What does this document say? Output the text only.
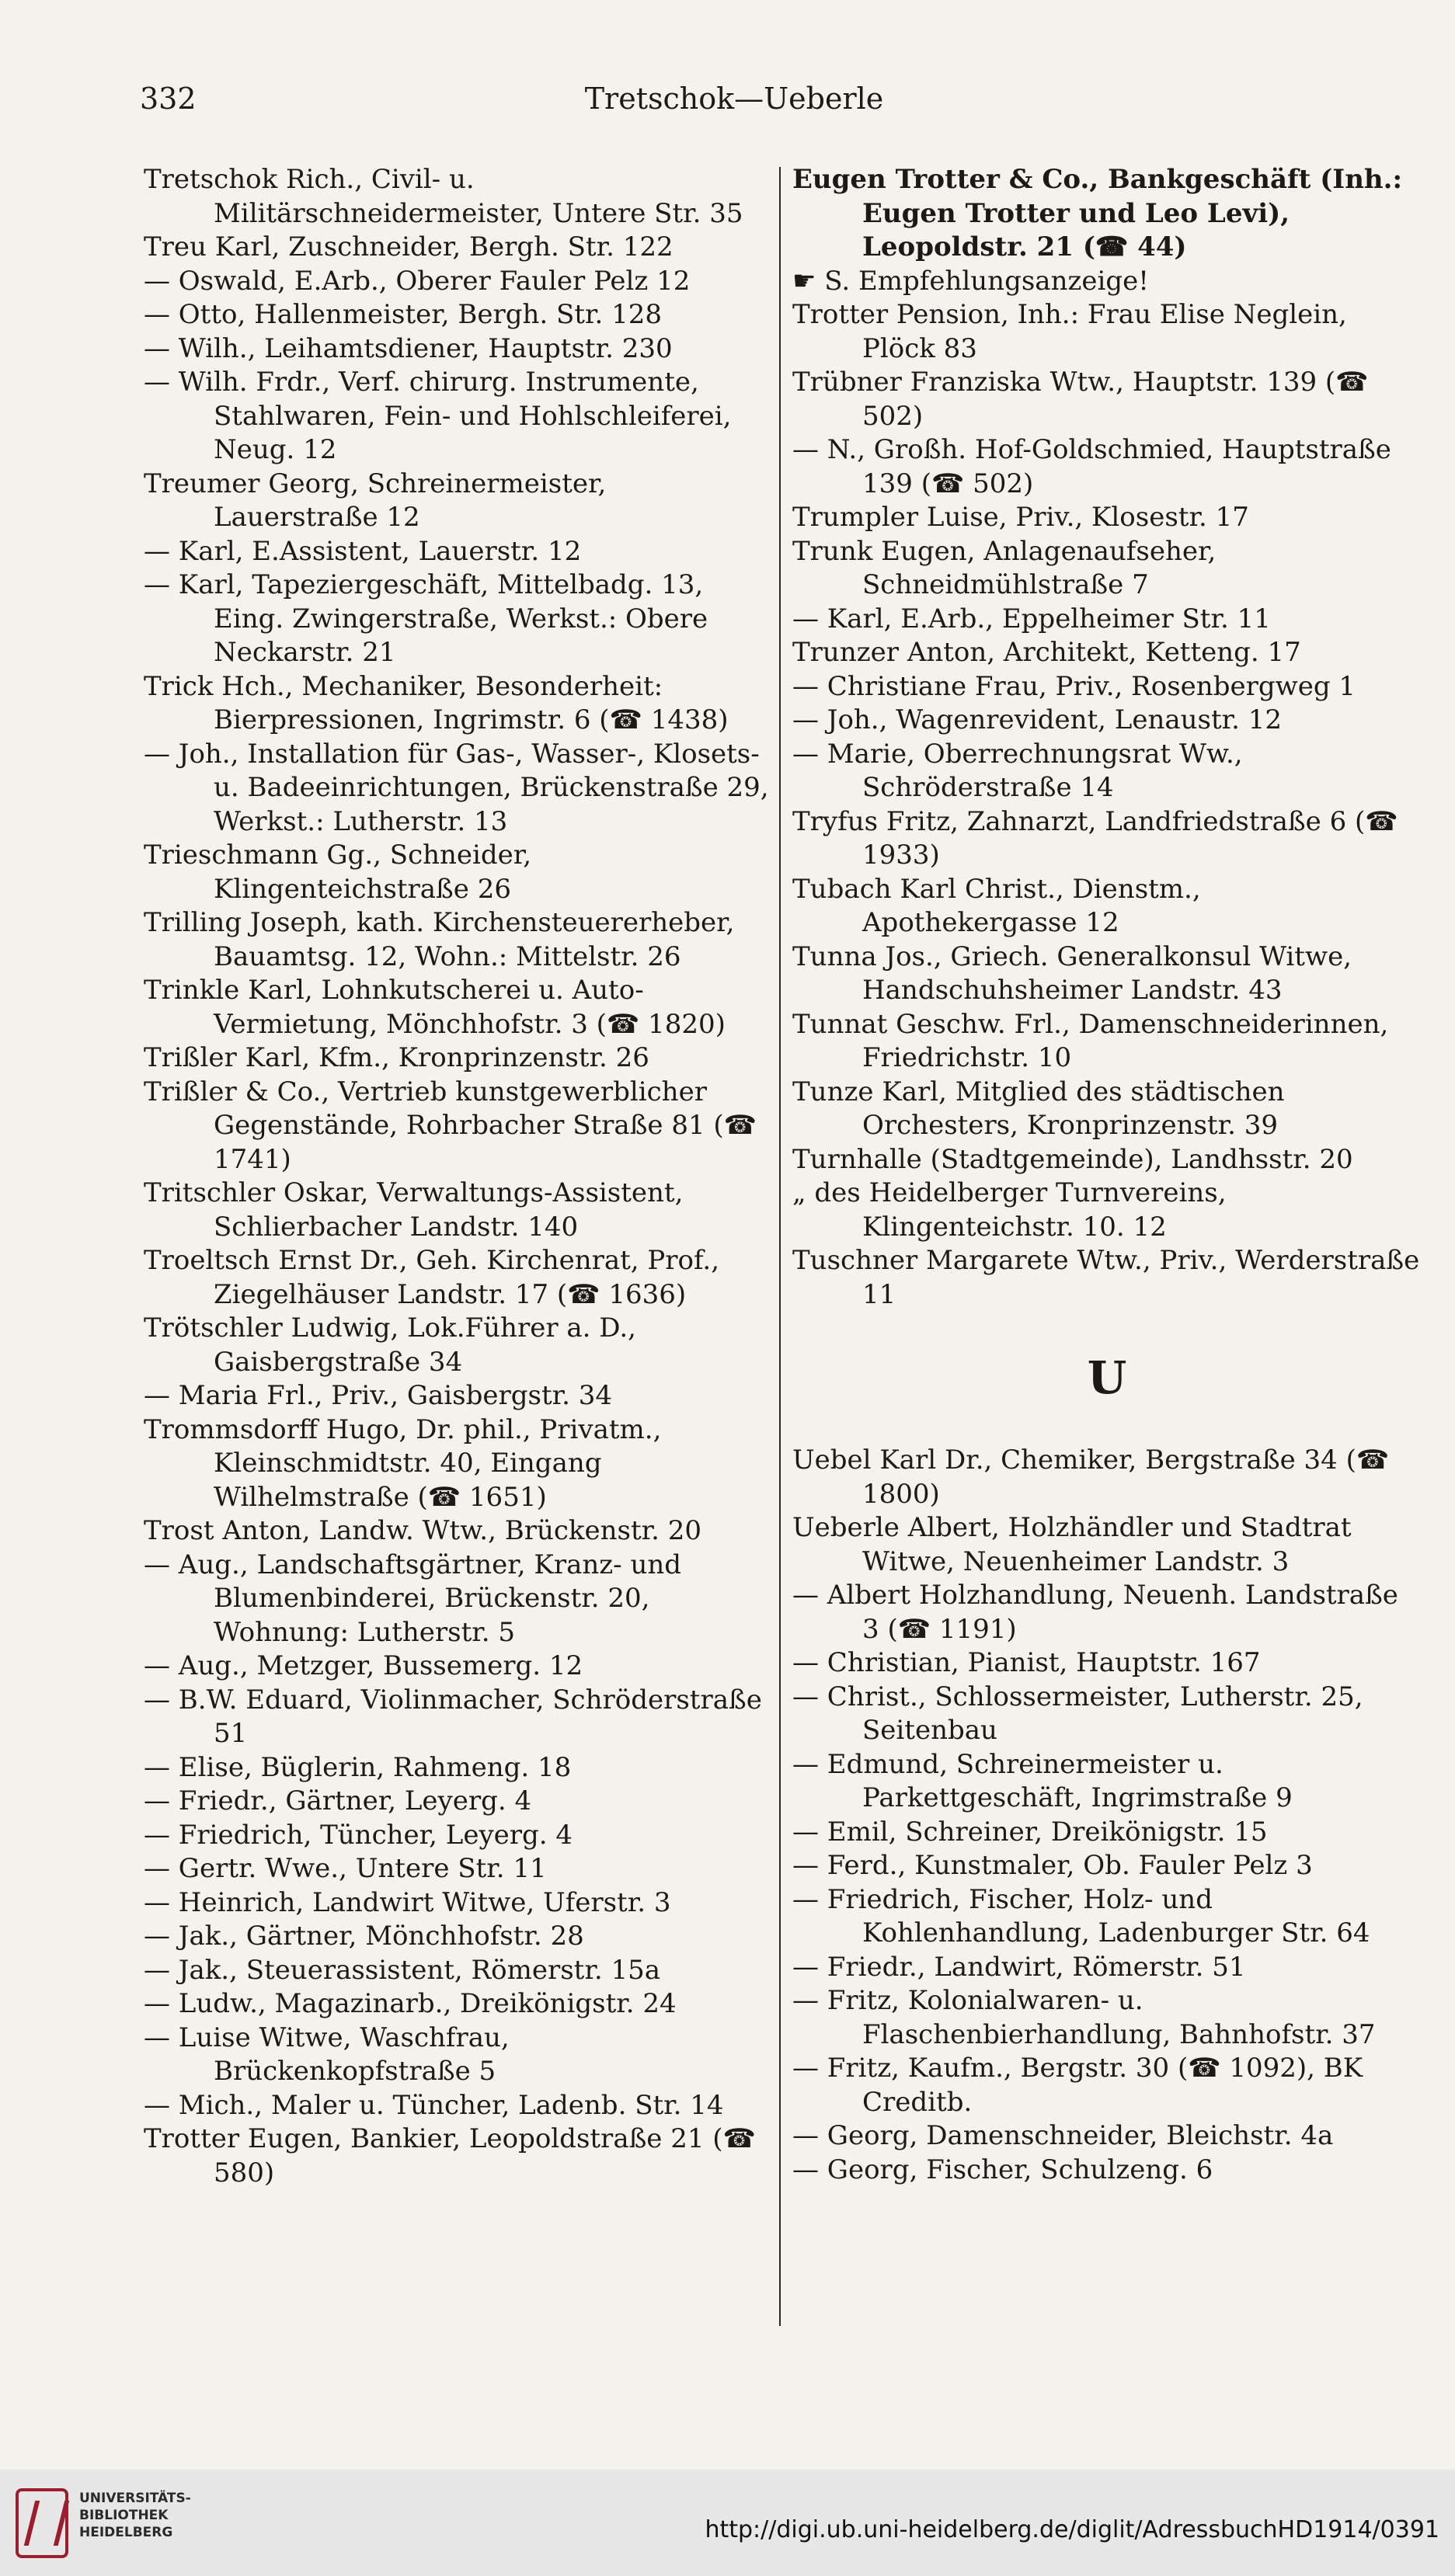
332	Tretschok—Ueberle

Tretschok Rich., Civil- u. Militärschneidermeister, Untere Str. 35

Treu Karl, Zuschneider, Bergh. Str. 122

— Oswald, E.Arb., Oberer Fauler Pelz 12

— Otto, Hallenmeister, Bergh. Str. 128

— Wilh., Leihamtsdiener, Hauptstr. 230

— Wilh. Frdr., Verf. chirurg. Instrumente, Stahlwaren, Fein- und Hohlschleiferei, Neug. 12

Treumer Georg, Schreinermeister, Lauerstraße 12

— Karl, E.Assistent, Lauerstr. 12

— Karl, Tapeziergeschäft, Mittelbadg. 13, Eing. Zwingerstraße, Werkst.: Obere Neckarstr. 21

Trick Hch., Mechaniker, Besonderheit: Bierpressionen, Ingrimstr. 6 (☎ 1438)

— Joh., Installation für Gas-, Wasser-, Klosets- u. Badeeinrichtungen, Brückenstraße 29, Werkst.: Lutherstr. 13

Trieschmann Gg., Schneider, Klingenteichstraße 26

Trilling Joseph, kath. Kirchensteuererheber, Bauamtsg. 12, Wohn.: Mittelstr. 26

Trinkle Karl, Lohnkutscherei u. Auto-Vermietung, Mönchhofstr. 3 (☎ 1820)

Trißler Karl, Kfm., Kronprinzenstr. 26

Trißler & Co., Vertrieb kunstgewerblicher Gegenstände, Rohrbacher Straße 81 (☎ 1741)

Tritschler Oskar, Verwaltungs-Assistent, Schlierbacher Landstr. 140

Troeltsch Ernst Dr., Geh. Kirchenrat, Prof., Ziegelhäuser Landstr. 17 (☎ 1636)

Trötschler Ludwig, Lok.Führer a. D., Gaisbergstraße 34

— Maria Frl., Priv., Gaisbergstr. 34

Trommsdorff Hugo, Dr. phil., Privatm., Kleinschmidtstr. 40, Eingang Wilhelmstraße (☎ 1651)

Trost Anton, Landw. Wtw., Brückenstr. 20

— Aug., Landschaftsgärtner, Kranz- und Blumenbinderei, Brückenstr. 20, Wohnung: Lutherstr. 5

— Aug., Metzger, Bussemerg. 12

— B.W. Eduard, Violinmacher, Schröderstraße 51

— Elise, Büglerin, Rahmeng. 18

— Friedr., Gärtner, Leyerg. 4

— Friedrich, Tüncher, Leyerg. 4

— Gertr. Wwe., Untere Str. 11

— Heinrich, Landwirt Witwe, Uferstr. 3

— Jak., Gärtner, Mönchhofstr. 28

— Jak., Steuerassistent, Römerstr. 15a

— Ludw., Magazinarb., Dreikönigstr. 24

— Luise Witwe, Waschfrau, Brückenkopfstraße 5

— Mich., Maler u. Tüncher, Ladenb. Str. 14

Trotter Eugen, Bankier, Leopoldstraße 21 (☎ 580)

Eugen Trotter & Co., Bankgeschäft (Inh.: Eugen Trotter und Leo Levi), Leopoldstr. 21 (☎ 44)

☛ S. Empfehlungsanzeige!

Trotter Pension, Inh.: Frau Elise Neglein, Plöck 83

Trübner Franziska Wtw., Hauptstr. 139 (☎ 502)

— N., Großh. Hof-Goldschmied, Hauptstraße 139 (☎ 502)

Trumpler Luise, Priv., Klosestr. 17

Trunk Eugen, Anlagenaufseher, Schneidmühlstraße 7

— Karl, E.Arb., Eppelheimer Str. 11

Trunzer Anton, Architekt, Ketteng. 17

— Christiane Frau, Priv., Rosenbergweg 1

— Joh., Wagenrevident, Lenaustr. 12

— Marie, Oberrechnungsrat Ww., Schröderstraße 14

Tryfus Fritz, Zahnarzt, Landfriedstraße 6 (☎ 1933)

Tubach Karl Christ., Dienstm., Apothekergasse 12

Tunna Jos., Griech. Generalkonsul Witwe, Handschuhsheimer Landstr. 43

Tunnat Geschw. Frl., Damenschneiderinnen, Friedrichstr. 10

Tunze Karl, Mitglied des städtischen Orchesters, Kronprinzenstr. 39

Turnhalle (Stadtgemeinde), Landhsstr. 20

„ des Heidelberger Turnvereins, Klingenteichstr. 10. 12

Tuschner Margarete Wtw., Priv., Werderstraße 11

U

Uebel Karl Dr., Chemiker, Bergstraße 34 (☎ 1800)

Ueberle Albert, Holzhändler und Stadtrat Witwe, Neuenheimer Landstr. 3

— Albert Holzhandlung, Neuenh. Landstraße 3 (☎ 1191)

— Christian, Pianist, Hauptstr. 167

— Christ., Schlossermeister, Lutherstr. 25, Seitenbau

— Edmund, Schreinermeister u. Parkettgeschäft, Ingrimstraße 9

— Emil, Schreiner, Dreikönigstr. 15

— Ferd., Kunstmaler, Ob. Fauler Pelz 3

— Friedrich, Fischer, Holz- und Kohlenhandlung, Ladenburger Str. 64

— Friedr., Landwirt, Römerstr. 51

— Fritz, Kolonialwaren- u. Flaschenbierhandlung, Bahnhofstr. 37

— Fritz, Kaufm., Bergstr. 30 (☎ 1092), BK Creditb.

— Georg, Damenschneider, Bleichstr. 4a

— Georg, Fischer, Schulzeng. 6

UNIVERSITÄTS-
BIBLIOTHEK
HEIDELBERG	http://digi.ub.uni-heidelberg.de/diglit/AdressbuchHD1914/0391
